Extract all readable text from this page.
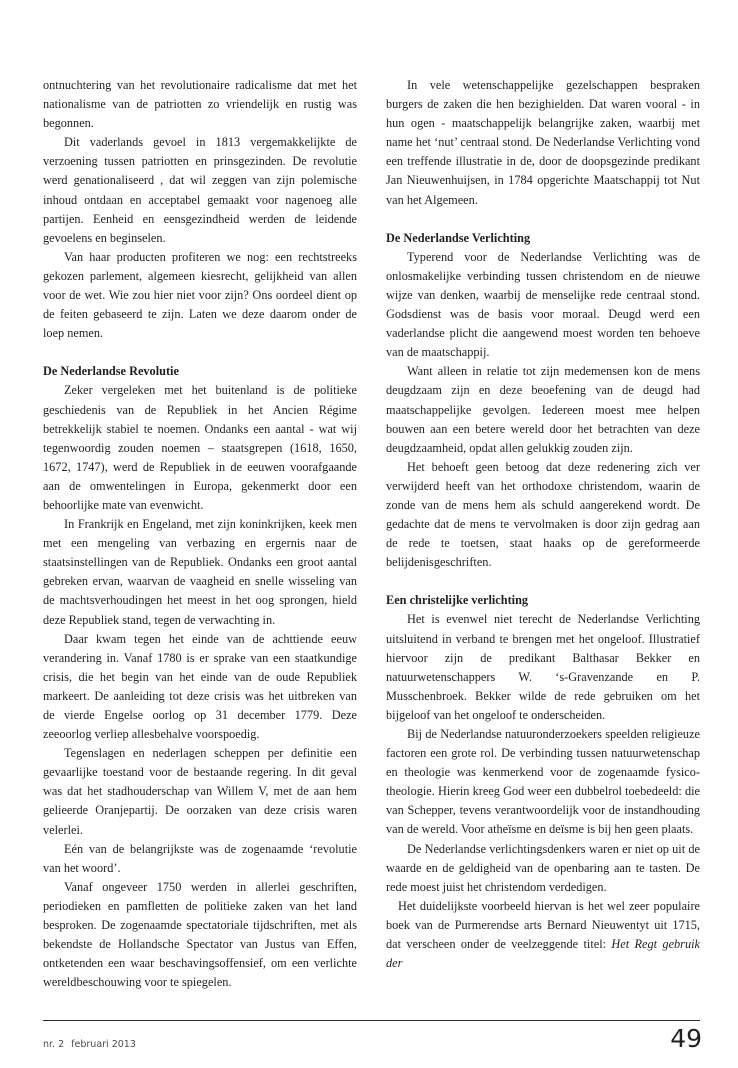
ontnuchtering van het revolutionaire radicalisme dat met het nationalisme van de patriotten zo vriendelijk en rustig was begonnen.

Dit vaderlands gevoel in 1813 vergemakkelijkte de verzoening tussen patriotten en prinsgezinden. De revolutie werd genationaliseerd , dat wil zeggen van zijn polemische inhoud ontdaan en acceptabel gemaakt voor nagenoeg alle partijen. Eenheid en eensgezindheid werden de leidende gevoelens en beginselen.

Van haar producten profiteren we nog: een rechtstreeks gekozen parlement, algemeen kiesrecht, gelijkheid van allen voor de wet. Wie zou hier niet voor zijn? Ons oordeel dient op de feiten gebaseerd te zijn. Laten we deze daarom onder de loep nemen.

De Nederlandse Revolutie

Zeker vergeleken met het buitenland is de politieke geschiedenis van de Republiek in het Ancien Régime betrekkelijk stabiel te noemen. Ondanks een aantal - wat wij tegenwoordig zouden noemen – staatsgrepen (1618, 1650, 1672, 1747), werd de Republiek in de eeuwen voorafgaande aan de omwentelingen in Europa, gekenmerkt door een behoorlijke mate van evenwicht.

In Frankrijk en Engeland, met zijn koninkrijken, keek men met een mengeling van verbazing en ergernis naar de staatsinstellingen van de Republiek. Ondanks een groot aantal gebreken ervan, waarvan de vaagheid en snelle wisseling van de machtsverhoudingen het meest in het oog sprongen, hield deze Republiek stand, tegen de verwachting in.

Daar kwam tegen het einde van de achttiende eeuw verandering in. Vanaf 1780 is er sprake van een staatkundige crisis, die het begin van het einde van de oude Republiek markeert. De aanleiding tot deze crisis was het uitbreken van de vierde Engelse oorlog op 31 december 1779. Deze zeeoorlog verliep allesbehalve voorspoedig.

Tegenslagen en nederlagen scheppen per definitie een gevaarlijke toestand voor de bestaande regering. In dit geval was dat het stadhouderschap van Willem V, met de aan hem gelieerde Oranjepartij. De oorzaken van deze crisis waren velerlei.

Eén van de belangrijkste was de zogenaamde ‘revolutie van het woord’.

Vanaf ongeveer 1750 werden in allerlei geschriften, periodieken en pamfletten de politieke zaken van het land besproken. De zogenaamde spectatoriale tijdschriften, met als bekendste de Hollandsche Spectator van Justus van Effen, ontketenden een waar beschavingsoffensief, om een verlichte wereldbeschouwing voor te spiegelen.

In vele wetenschappelijke gezelschappen bespraken burgers de zaken die hen bezighielden. Dat waren vooral - in hun ogen - maatschappelijk belangrijke zaken, waarbij met name het ‘nut’ centraal stond. De Nederlandse Verlichting vond een treffende illustratie in de, door de doopsgezinde predikant Jan Nieuwenhuijsen, in 1784 opgerichte Maatschappij tot Nut van het Algemeen.

De Nederlandse Verlichting

Typerend voor de Nederlandse Verlichting was de onlosmakelijke verbinding tussen christendom en de nieuwe wijze van denken, waarbij de menselijke rede centraal stond. Godsdienst was de basis voor moraal. Deugd werd een vaderlandse plicht die aangewend moest worden ten behoeve van de maatschappij.

Want alleen in relatie tot zijn medemensen kon de mens deugdzaam zijn en deze beoefening van de deugd had maatschappelijke gevolgen. Iedereen moest mee helpen bouwen aan een betere wereld door het betrachten van deze deugdzaamheid, opdat allen gelukkig zouden zijn.

Het behoeft geen betoog dat deze redenering zich ver verwijderd heeft van het orthodoxe christendom, waarin de zonde van de mens hem als schuld aangerekend wordt. De gedachte dat de mens te vervolmaken is door zijn gedrag aan de rede te toetsen, staat haaks op de gereformeerde belijdenisgeschriften.

Een christelijke verlichting

Het is evenwel niet terecht de Nederlandse Verlichting uitsluitend in verband te brengen met het ongeloof. Illustratief hiervoor zijn de predikant Balthasar Bekker en natuurwetenschappers W. ‘s-Gravenzande en P. Musschenbroek. Bekker wilde de rede gebruiken om het bijgeloof van het ongeloof te onderscheiden.

Bij de Nederlandse natuuronderzoekers speelden religieuze factoren een grote rol. De verbinding tussen natuurwetenschap en theologie was kenmerkend voor de zogenaamde fysico-theologie. Hierin kreeg God weer een dubbelrol toebedeeld: die van Schepper, tevens verantwoordelijk voor de instandhouding van de wereld. Voor atheïsme en deïsme is bij hen geen plaats.

De Nederlandse verlichtingsdenkers waren er niet op uit de waarde en de geldigheid van de openbaring aan te tasten. De rede moest juist het christendom verdedigen.

Het duidelijkste voorbeeld hiervan is het wel zeer populaire boek van de Purmerendse arts Bernard Nieuwentyt uit 1715, dat verscheen onder de veelzeggende titel: Het Regt gebruik der

nr. 2 februari 2013	49
